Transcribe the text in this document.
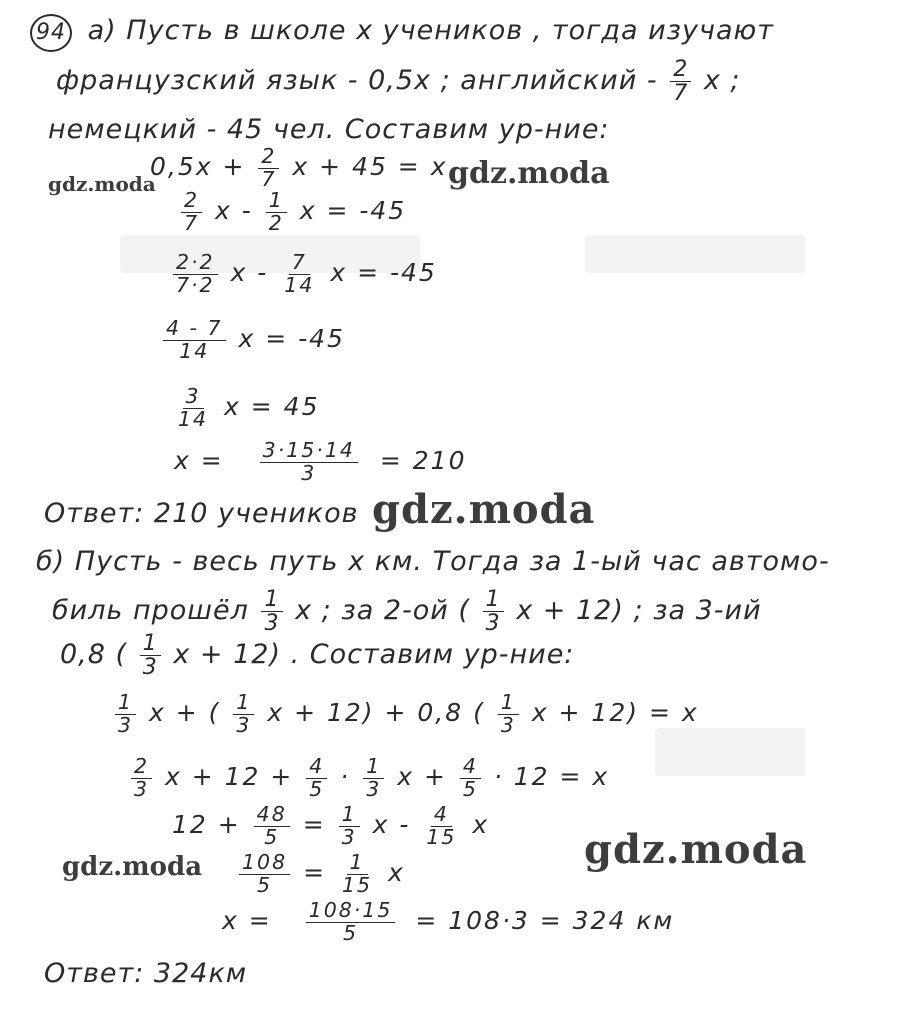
94 а) Пусть в школе x учеников , тогда изучают
французский язык - 0,5x ; английский - $\frac{2}{7}$ x ;
немецкий - 45 чел. Составим ур-ние:
$0,5x + \frac{2}{7}$ x + 45 = x
$\frac{2}{7}$ x - $\frac{1}{2}$ x = -45
$\frac{2\cdot 2}{7\cdot 2}$ x - $\frac{7}{14}$ x = -45
$\frac{4 - 7}{14}$ x = -45
$\frac{3}{14}$ x = 45
$x = \frac{3\cdot 15\cdot 14}{3} = 210$
Ответ: 210 учеников
б) Пусть - весь путь x км. Тогда за 1-ый час автомо-
биль прошёл $\frac{1}{3}$ x ; за 2-ой ( $\frac{1}{3}$ x + 12) ; за 3-ий
0,8 ( $\frac{1}{3}$ x + 12) . Составим ур-ние:
$\frac{1}{3}$ x + ( $\frac{1}{3}$ x + 12) + 0,8 ( $\frac{1}{3}$ x + 12) = x
$\frac{2}{3}$ $x + 12 + \frac{4}{5} \cdot \frac{1}{3}$ $x + \frac{4}{5} \cdot 12 = x$
$12 + \frac{48}{5} = \frac{1}{3}$ x - $\frac{4}{15}$ x
$\frac{108}{5} = \frac{1}{15}$ x
$x = \frac{108\cdot 15}{5} = 108\cdot 3 = 324$ км
Ответ: 324км
gdz.moda	gdz.moda
gdz.moda
gdz.moda	gdz.moda
